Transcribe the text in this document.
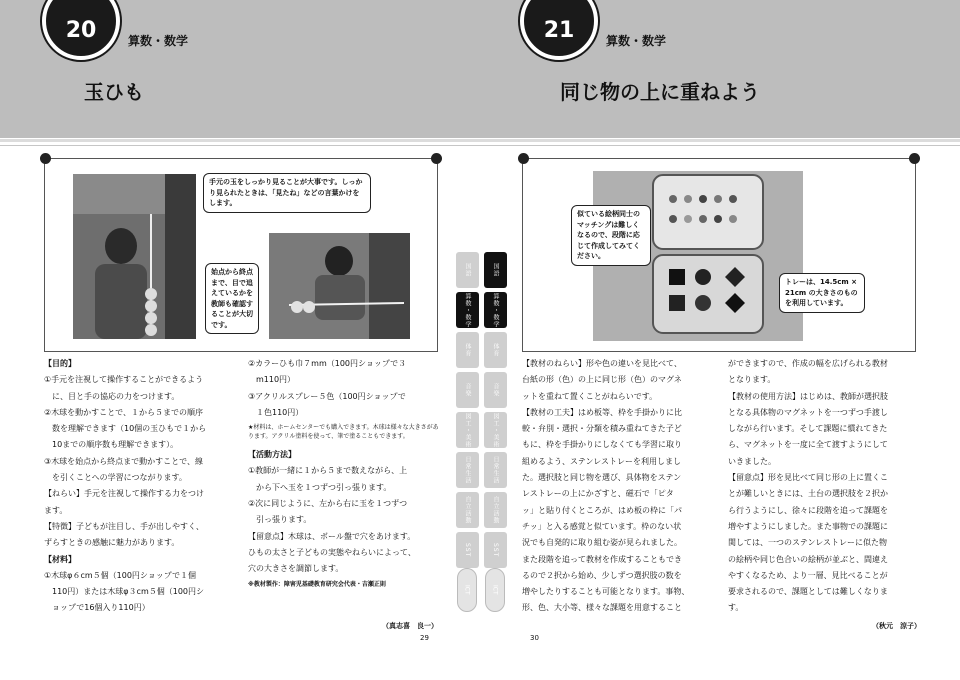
20	算数・数学
玉ひも
21	算数・数学
同じ物の上に重ねよう
手元の玉をしっかり見ることが大事です。しっかり見られたときは、「見たね」などの言葉かけをします。
始点から終点まで、目で追えているかを教師も確認することが大切です。
似ている絵柄同士のマッチングは難しくなるので、段階に応じて作成してみてください。
トレーは、14.5cm × 21cm の大きさのものを利用しています。

【目的】

①手元を注視して操作することができるよう

　に、目と手の協応の力をつけます。

②木球を動かすことで、１から５までの順序

　数を理解できます（10個の玉ひもで１から

　10までの順序数も理解できます）。

③木球を始点から終点まで動かすことで、線

　を引くことへの学習につながります。

【ねらい】手元を注視して操作する力をつけ

ます。

【特徴】子どもが注目し、手が出しやすく、

ずらすときの感触に魅力があります。

【材料】

①木球φ６cm５個（100円ショップで１個

　110円）または木球φ３cm５個（100円シ

　ョップで16個入り110円）

②カラーひも巾７mm（100円ショップで３

　m110円）

③アクリルスプレー５色（100円ショップで

　１色110円）

★材料は、ホームセンターでも購入できます。木球は様々な大きさがあります。アクリル塗料を使って、筆で塗ることもできます。

【活動方法】

①教師が一緒に１から５まで数えながら、上

　から下へ玉を１つずつ引っ張ります。

②次に同じように、左から右に玉を１つずつ

　引っ張ります。

【留意点】木球は、ボール盤で穴をあけます。

ひもの太さと子どもの実態やねらいによって、

穴の大きさを調節します。

※教材製作：障害児基礎教育研究会代表・吉瀬正則

（真志喜　良一）
29

【教材のねらい】形や色の違いを見比べて、

台紙の形（色）の上に同じ形（色）のマグネ

ットを重ねて置くことがねらいです。

【教材の工夫】はめ板等、枠を手掛かりに比

較・弁別・選択・分類を積み重ねてきた子ど

もに、枠を手掛かりにしなくても学習に取り

組めるよう、ステンレストレーを利用しまし

た。選択肢と同じ物を選び、具体物をステン

レストレーの上にかざすと、磁石で「ピタ

ッ」と貼り付くところが、はめ板の枠に「パ

チッ」と入る感覚と似ています。枠のない状

況でも自発的に取り組む姿が見られました。

また段階を追って教材を作成することもでき

るので２択から始め、少しずつ選択肢の数を

増やしたりすることも可能となります。事物、

形、色、大小等、様々な課題を用意すること

ができますので、作成の幅を広げられる教材

となります。

【教材の使用方法】はじめは、教師が選択肢

となる具体物のマグネットを一つずつ手渡し

しながら行います。そして課題に慣れてきた

ら、マグネットを一度に全て渡すようにして

いきました。

【留意点】形を見比べて同じ形の上に置くこ

とが難しいときには、土台の選択肢を２択か

ら行うようにし、徐々に段階を追って課題を

増やすようにしました。また事物での課題に

関しては、一つのステンレストレーに似た物

の絵柄や同じ色合いの絵柄が並ぶと、間違え

やすくなるため、より一層、見比べることが

要求されるので、課題としては難しくなりま

す。

（秋元　涼子）
30
国語
算数・数学
体育
音楽
図工・美術
日常生活
自立活動
SST
ICT
国語
算数・数学
体育
音楽
図工・美術
日常生活
自立活動
SST
ICT
